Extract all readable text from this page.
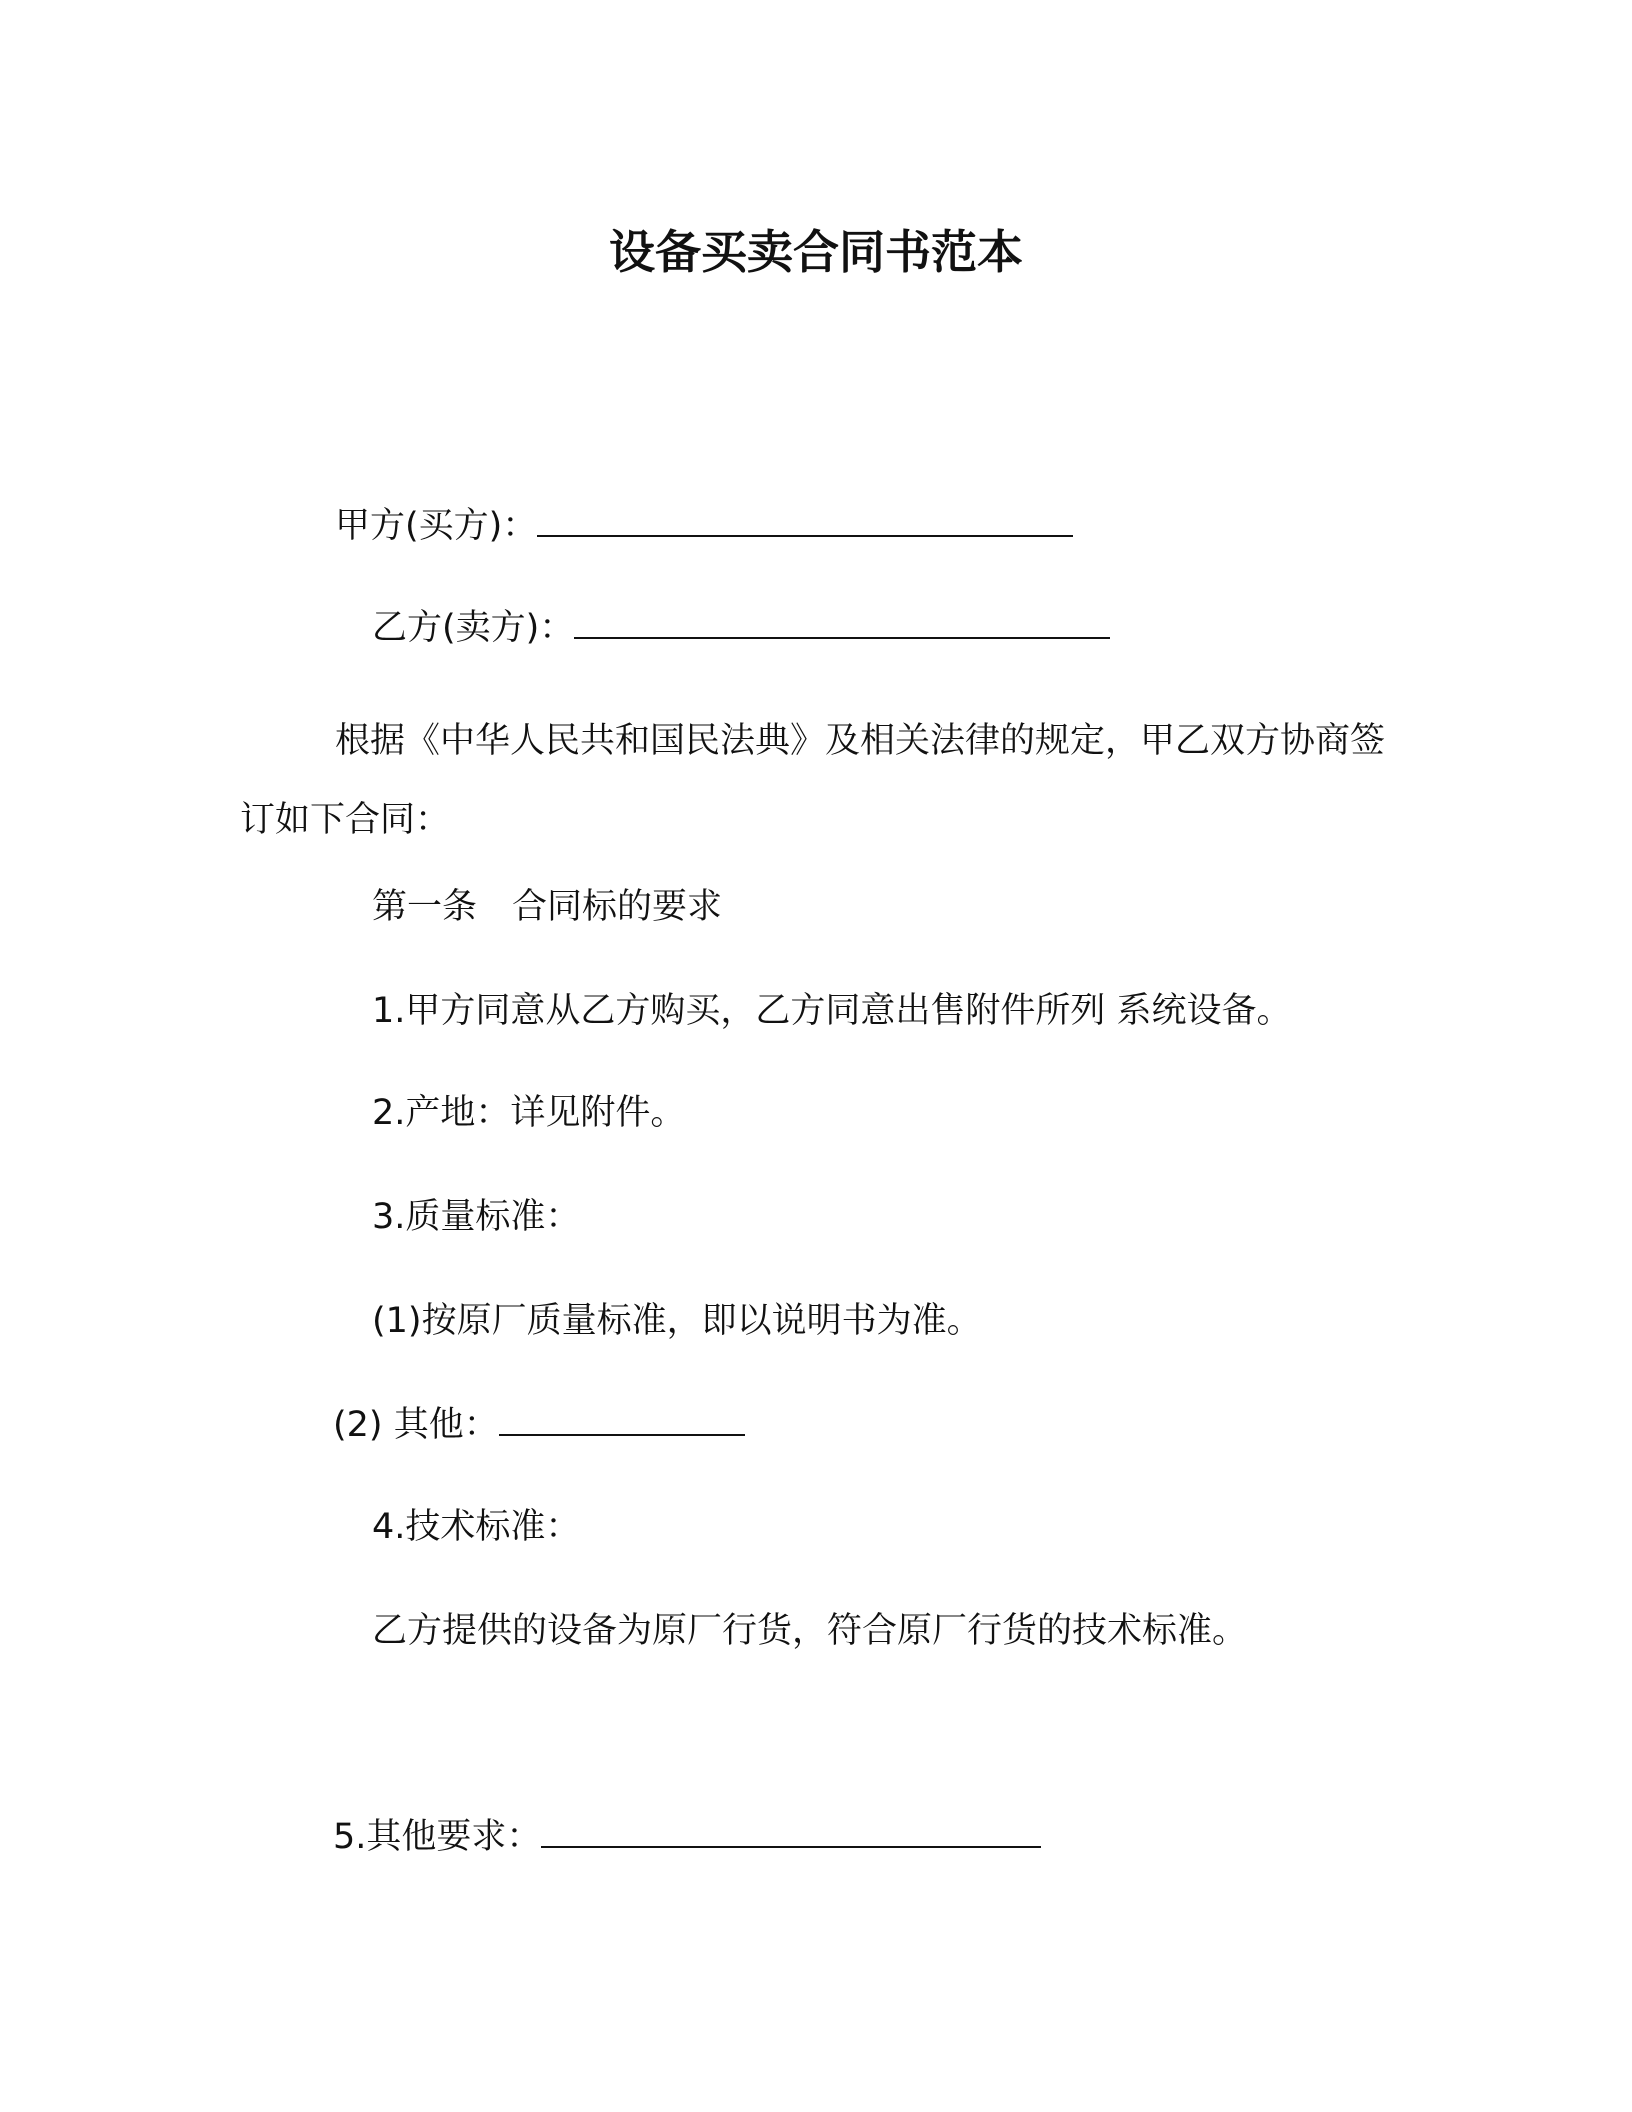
设备买卖合同书范本
甲方(买方)：
乙方(卖方)：
根据《中华人民共和国民法典》及相关法律的规定，甲乙双方协商签订如下合同：
第一条　合同标的要求
1.甲方同意从乙方购买，乙方同意出售附件所列 系统设备。
2.产地：详见附件。
3.质量标准：
(1)按原厂质量标准，即以说明书为准。
(2) 其他：
4.技术标准：
乙方提供的设备为原厂行货，符合原厂行货的技术标准。
5.其他要求：
